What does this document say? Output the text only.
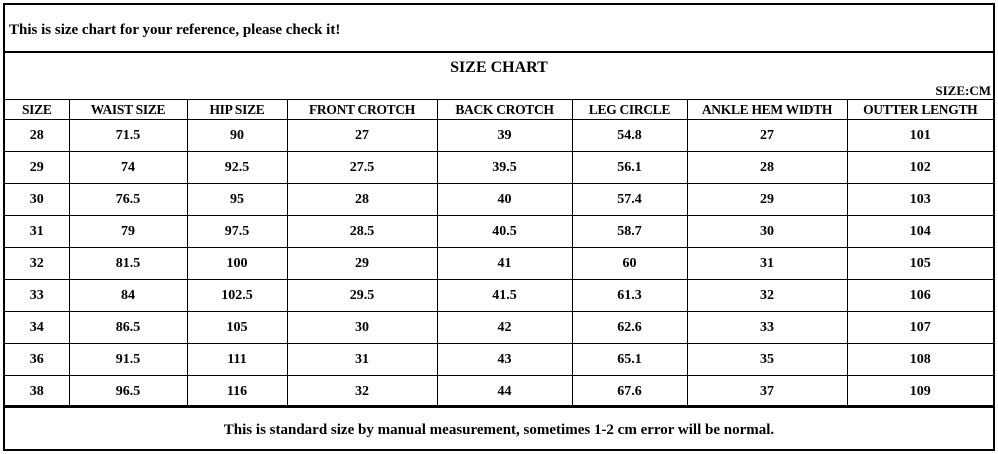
This is size chart for your reference, please check it!
SIZE CHART
SIZE:CM
SIZE	WAIST SIZE	HIP SIZE	FRONT CROTCH	BACK CROTCH	LEG CIRCLE	ANKLE HEM WIDTH	OUTTER LENGTH
28	71.5	90	27	39	54.8	27	101
29	74	92.5	27.5	39.5	56.1	28	102
30	76.5	95	28	40	57.4	29	103
31	79	97.5	28.5	40.5	58.7	30	104
32	81.5	100	29	41	60	31	105
33	84	102.5	29.5	41.5	61.3	32	106
34	86.5	105	30	42	62.6	33	107
36	91.5	111	31	43	65.1	35	108
38	96.5	116	32	44	67.6	37	109
This is standard size by manual measurement, sometimes 1-2 cm error will be normal.
